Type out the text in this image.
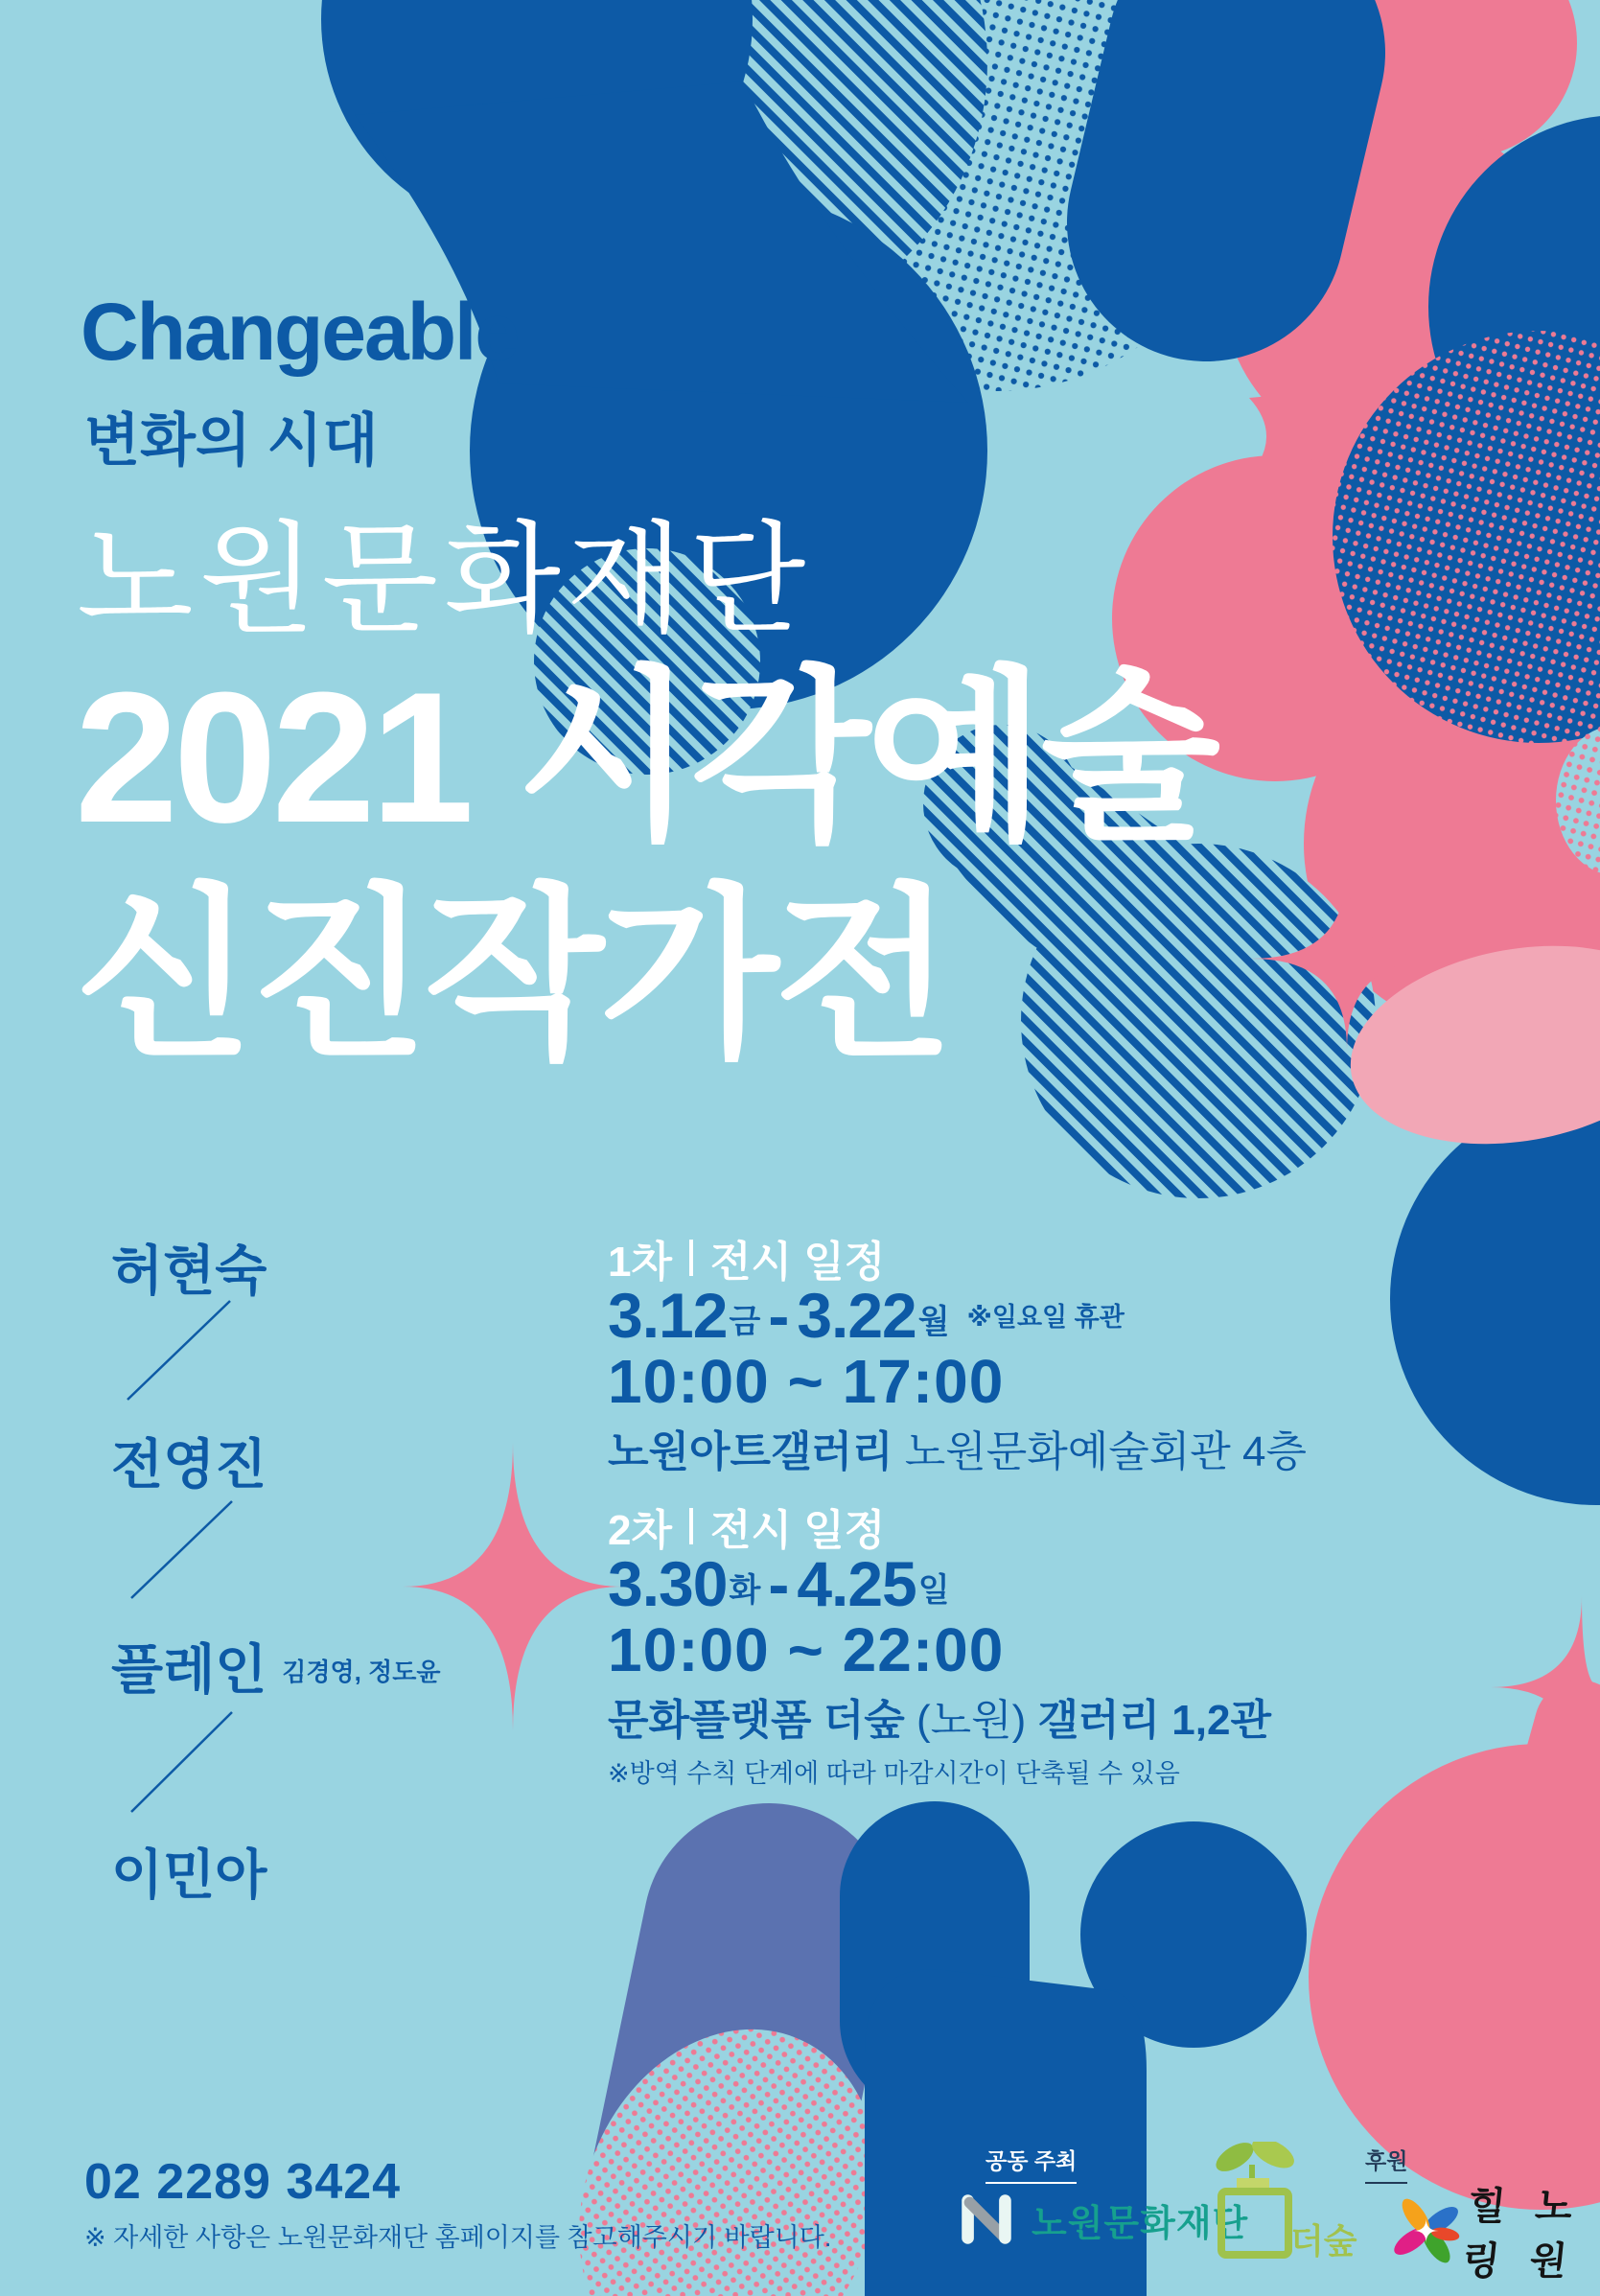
Changeable
변화의 시대
노원문화재단
2021 시각예술
신진작가전
허현숙
전영진
플레인 김경영, 정도윤
이민아
1차 전시 일정
3.12금 - 3.22월 ※일요일 휴관
10:00 ~ 17:00
노원아트갤러리 노원문화예술회관 4층
2차 전시 일정
3.30화 - 4.25일
10:00 ~ 22:00
문화플랫폼 더숲 (노원) 갤러리 1,2관
※방역 수칙 단계에 따라 마감시간이 단축될 수 있음
02 2289 3424
※ 자세한 사항은 노원문화재단 홈페이지를 참고해주시기 바랍니다.
공동 주최	후원
노원문화재단 더숲
힐링
노원
